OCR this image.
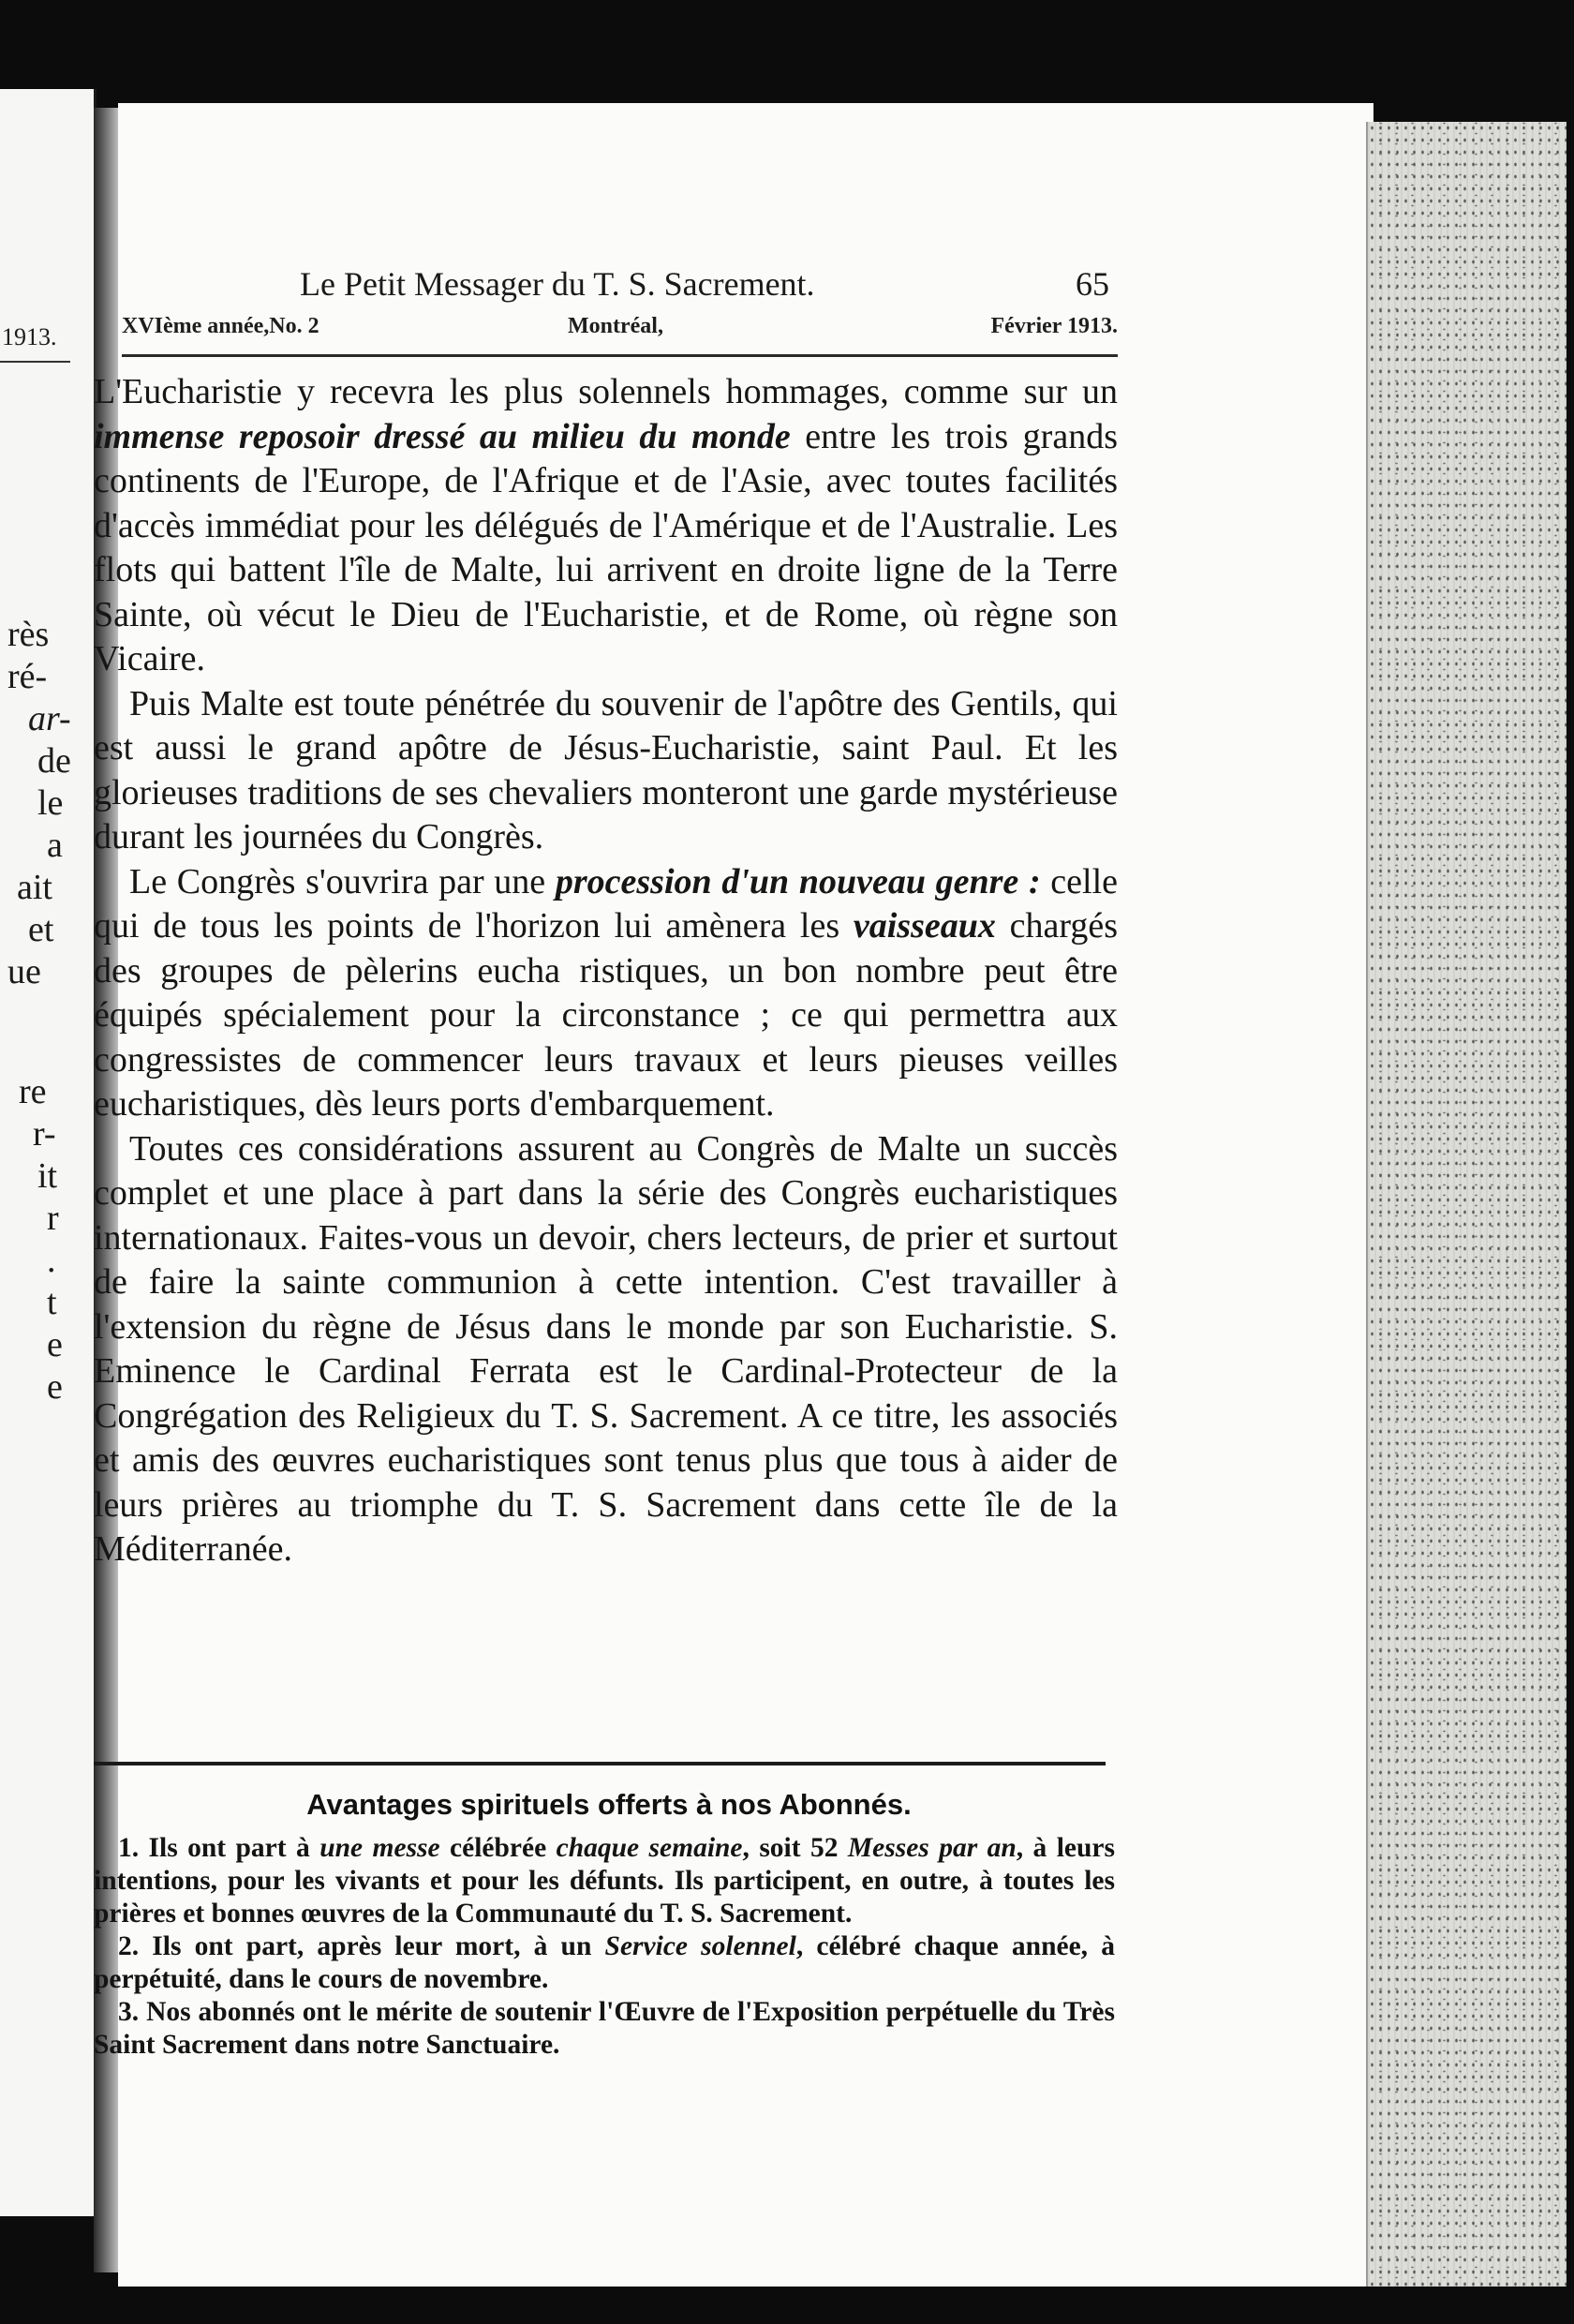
1913.
rès
ré-
ar-
de
le
a
ait
et
ue
re
r-
it
r
.
t
e
e
Le Petit Messager du T. S. Sacrement.	65
XVIème année,No. 2	Montréal,	Février 1913.

L'Eucharistie y recevra les plus solennels hommages, comme sur un immense reposoir dressé au milieu du monde entre les trois grands continents de l'Europe, de l'Afrique et de l'Asie, avec toutes facilités d'accès immédiat pour les délégués de l'Amérique et de l'Australie. Les flots qui battent l'île de Malte, lui arrivent en droite ligne de la Terre Sainte, où vécut le Dieu de l'Eucharistie, et de Rome, où règne son Vicaire.

Puis Malte est toute pénétrée du souvenir de l'apôtre des Gentils, qui est aussi le grand apôtre de Jésus-Eucharistie, saint Paul. Et les glorieuses traditions de ses chevaliers monteront une garde mystérieuse durant les journées du Congrès.

Le Congrès s'ouvrira par une procession d'un nouveau genre : celle qui de tous les points de l'horizon lui amènera les vaisseaux chargés des groupes de pèlerins eucha ristiques, un bon nombre peut être équipés spécialement pour la circonstance ; ce qui permettra aux congressistes de commencer leurs travaux et leurs pieuses veilles eucharistiques, dès leurs ports d'embarquement.

Toutes ces considérations assurent au Congrès de Malte un succès complet et une place à part dans la série des Congrès eucharistiques internationaux. Faites-vous un devoir, chers lecteurs, de prier et surtout de faire la sainte communion à cette intention. C'est travailler à l'extension du règne de Jésus dans le monde par son Eucharistie. S. Eminence le Cardinal Ferrata est le Cardinal-Protecteur de la Congrégation des Religieux du T. S. Sacrement. A ce titre, les associés et amis des œuvres eucharistiques sont tenus plus que tous à aider de leurs prières au triomphe du T. S. Sacrement dans cette île de la Méditerranée.

Avantages spirituels offerts à nos Abonnés.

1. Ils ont part à une messe célébrée chaque semaine, soit 52 Messes par an, à leurs intentions, pour les vivants et pour les défunts. Ils participent, en outre, à toutes les prières et bonnes œuvres de la Communauté du T. S. Sacrement.

2. Ils ont part, après leur mort, à un Service solennel, célébré chaque année, à perpétuité, dans le cours de novembre.

3. Nos abonnés ont le mérite de soutenir l'Œuvre de l'Exposition perpétuelle du Très Saint Sacrement dans notre Sanctuaire.
